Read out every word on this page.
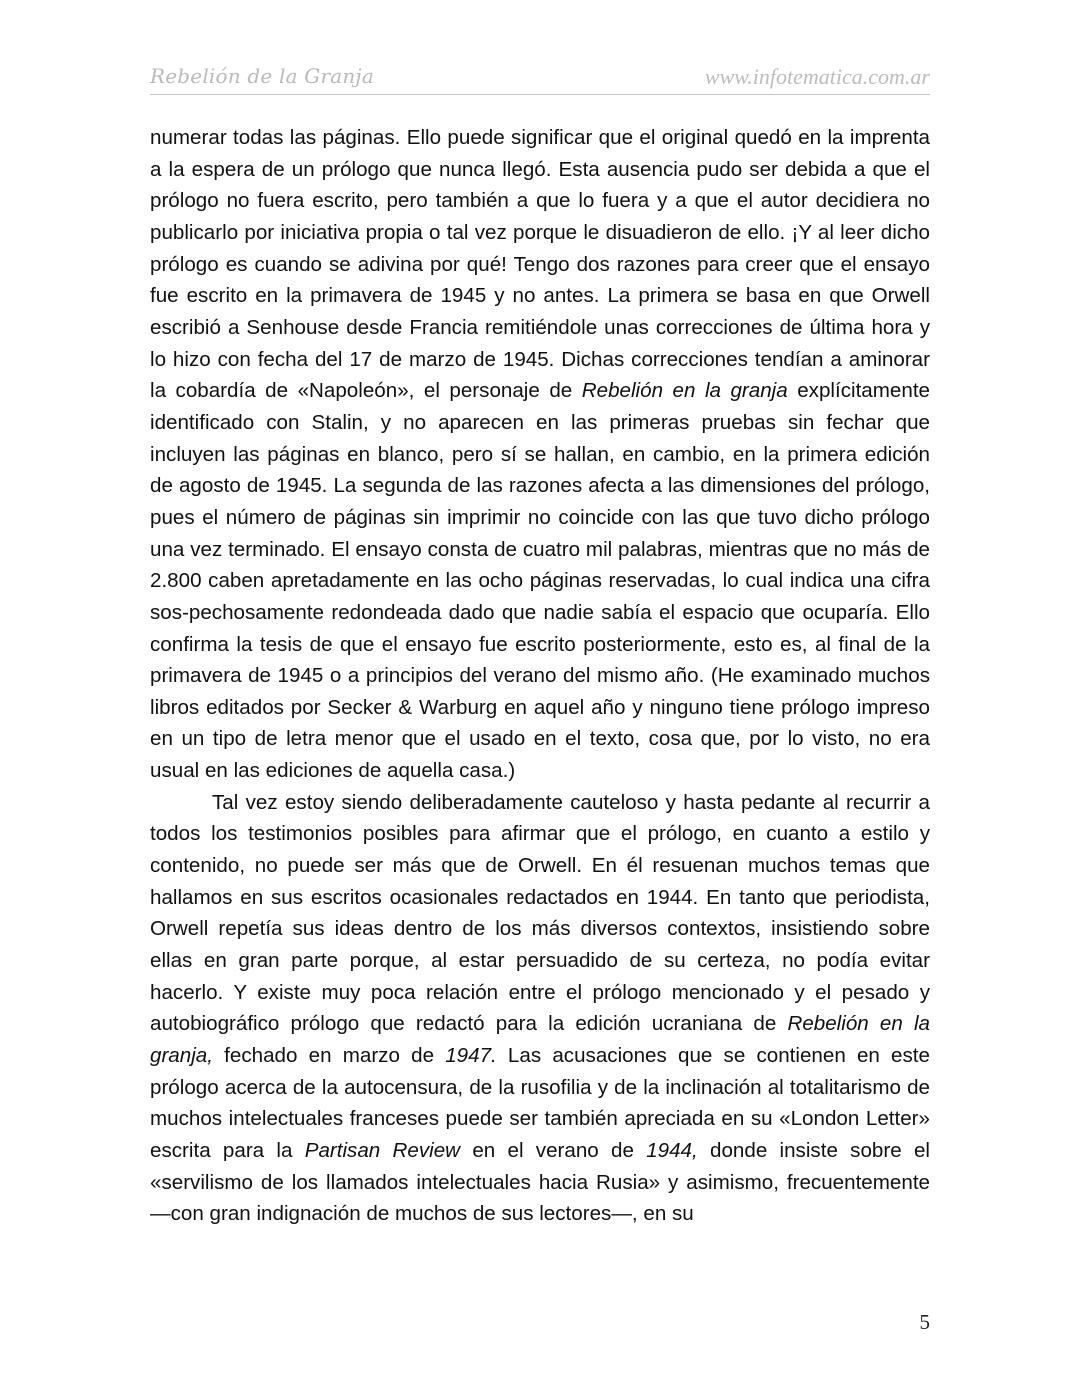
Rebelión de la Granja	www.infotematica.com.ar

numerar todas las páginas. Ello puede significar que el original quedó en la imprenta a la espera de un prólogo que nunca llegó. Esta ausencia pudo ser debida a que el prólogo no fuera escrito, pero también a que lo fuera y a que el autor decidiera no publicarlo por iniciativa propia o tal vez porque le disuadieron de ello. ¡Y al leer dicho prólogo es cuando se adivina por qué! Tengo dos razones para creer que el ensayo fue escrito en la primavera de 1945 y no antes. La primera se basa en que Orwell escribió a Senhouse desde Francia remitiéndole unas correcciones de última hora y lo hizo con fecha del 17 de marzo de 1945. Dichas correcciones tendían a aminorar la cobardía de «Napoleón», el personaje de Rebelión en la granja explícitamente identificado con Stalin, y no aparecen en las primeras pruebas sin fechar que incluyen las páginas en blanco, pero sí se hallan, en cambio, en la primera edición de agosto de 1945. La segunda de las razones afecta a las dimensiones del prólogo, pues el número de páginas sin imprimir no coincide con las que tuvo dicho prólogo una vez terminado. El ensayo consta de cuatro mil palabras, mientras que no más de 2.800 caben apretadamente en las ocho páginas reservadas, lo cual indica una cifra sos-pechosamente redondeada dado que nadie sabía el espacio que ocuparía. Ello confirma la tesis de que el ensayo fue escrito posteriormente, esto es, al final de la primavera de 1945 o a principios del verano del mismo año. (He examinado muchos libros editados por Secker & Warburg en aquel año y ninguno tiene prólogo impreso en un tipo de letra menor que el usado en el texto, cosa que, por lo visto, no era usual en las ediciones de aquella casa.)

Tal vez estoy siendo deliberadamente cauteloso y hasta pedante al recurrir a todos los testimonios posibles para afirmar que el prólogo, en cuanto a estilo y contenido, no puede ser más que de Orwell. En él resuenan muchos temas que hallamos en sus escritos ocasionales redactados en 1944. En tanto que periodista, Orwell repetía sus ideas dentro de los más diversos contextos, insistiendo sobre ellas en gran parte porque, al estar persuadido de su certeza, no podía evitar hacerlo. Y existe muy poca relación entre el prólogo mencionado y el pesado y autobiográfico prólogo que redactó para la edición ucraniana de Rebelión en la granja, fechado en marzo de 1947. Las acusaciones que se contienen en este prólogo acerca de la autocensura, de la rusofilia y de la inclinación al totalitarismo de muchos intelectuales franceses puede ser también apreciada en su «London Letter» escrita para la Partisan Review en el verano de 1944, donde insiste sobre el «servilismo de los llamados intelectuales hacia Rusia» y asimismo, frecuentemente —con gran indignación de muchos de sus lectores—, en su

5
